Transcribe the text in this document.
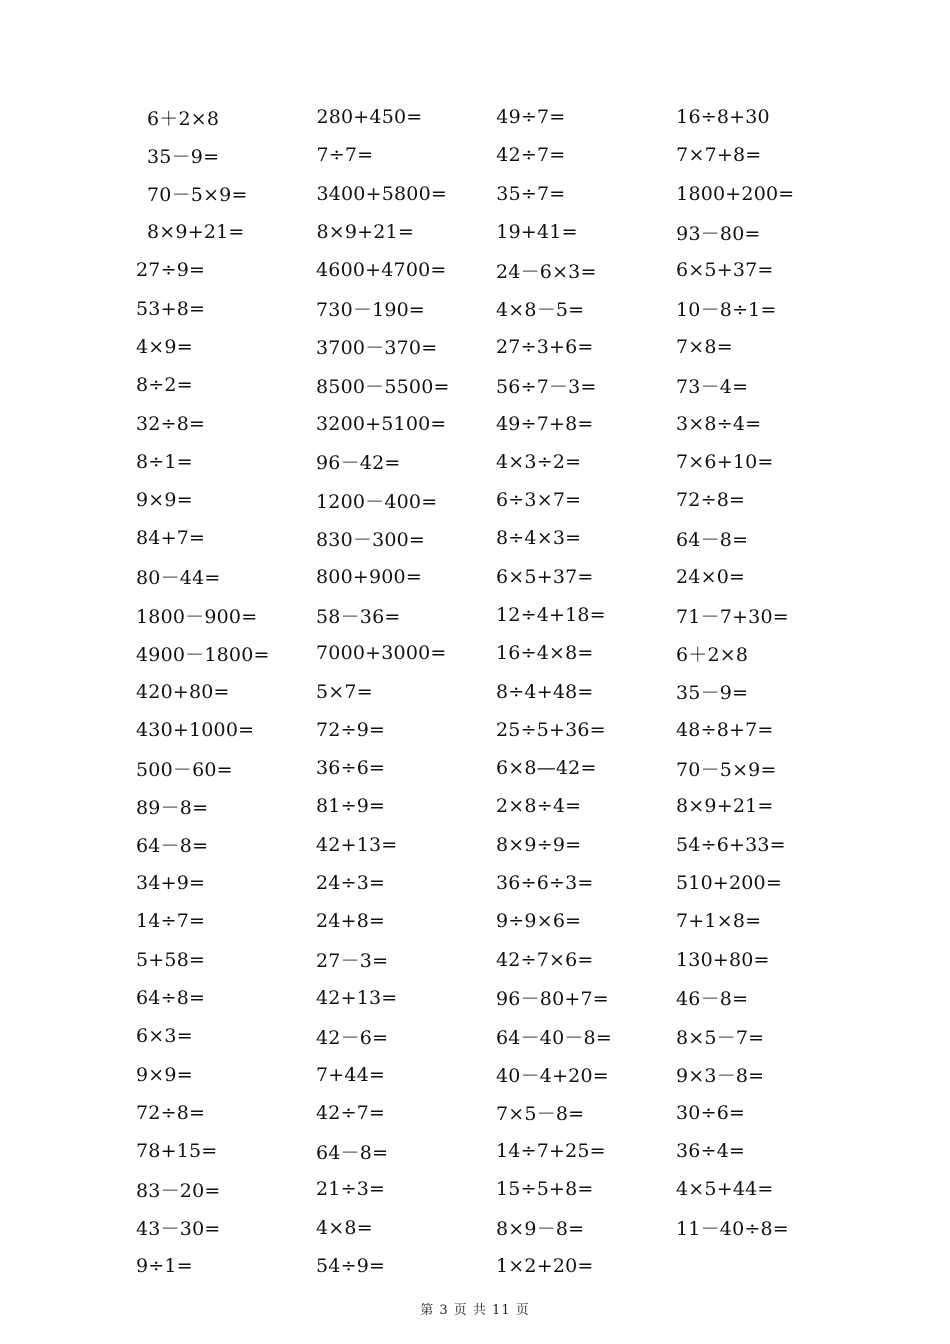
6＋2×8	280+450=	49÷7=	16÷8+30
35－9=	7÷7=	42÷7=	7×7+8=
70－5×9=	3400+5800=	35÷7=	1800+200=
8×9+21=	8×9+21=	19+41=	93－80=
27÷9=	4600+4700=	24－6×3=	6×5+37=
53+8=	730－190=	4×8－5=	10－8÷1=
4×9=	3700－370=	27÷3+6=	7×8=
8÷2=	8500－5500=	56÷7－3=	73－4=
32÷8=	3200+5100=	49÷7+8=	3×8÷4=
8÷1=	96－42=	4×3÷2=	7×6+10=
9×9=	1200－400=	6÷3×7=	72÷8=
84+7=	830－300=	8÷4×3=	64－8=
80－44=	800+900=	6×5+37=	24×0=
1800－900=	58－36=	12÷4+18=	71－7+30=
4900－1800=	7000+3000=	16÷4×8=	6＋2×8
420+80=	5×7=	8÷4+48=	35－9=
430+1000=	72÷9=	25÷5+36=	48÷8+7=
500－60=	36÷6=	6×8—42=	70－5×9=
89－8=	81÷9=	2×8÷4=	8×9+21=
64－8=	42+13=	8×9÷9=	54÷6+33=
34+9=	24÷3=	36÷6÷3=	510+200=
14÷7=	24+8=	9÷9×6=	7+1×8=
5+58=	27－3=	42÷7×6=	130+80=
64÷8=	42+13=	96－80+7=	46－8=
6×3=	42－6=	64－40－8=	8×5－7=
9×9=	7+44=	40－4+20=	9×3－8=
72÷8=	42÷7=	7×5－8=	30÷6=
78+15=	64－8=	14÷7+25=	36÷4=
83－20=	21÷3=	15÷5+8=	4×5+44=
43－30=	4×8=	8×9－8=	11－40÷8=
9÷1=	54÷9=	1×2+20=
第 3 页 共 11 页
